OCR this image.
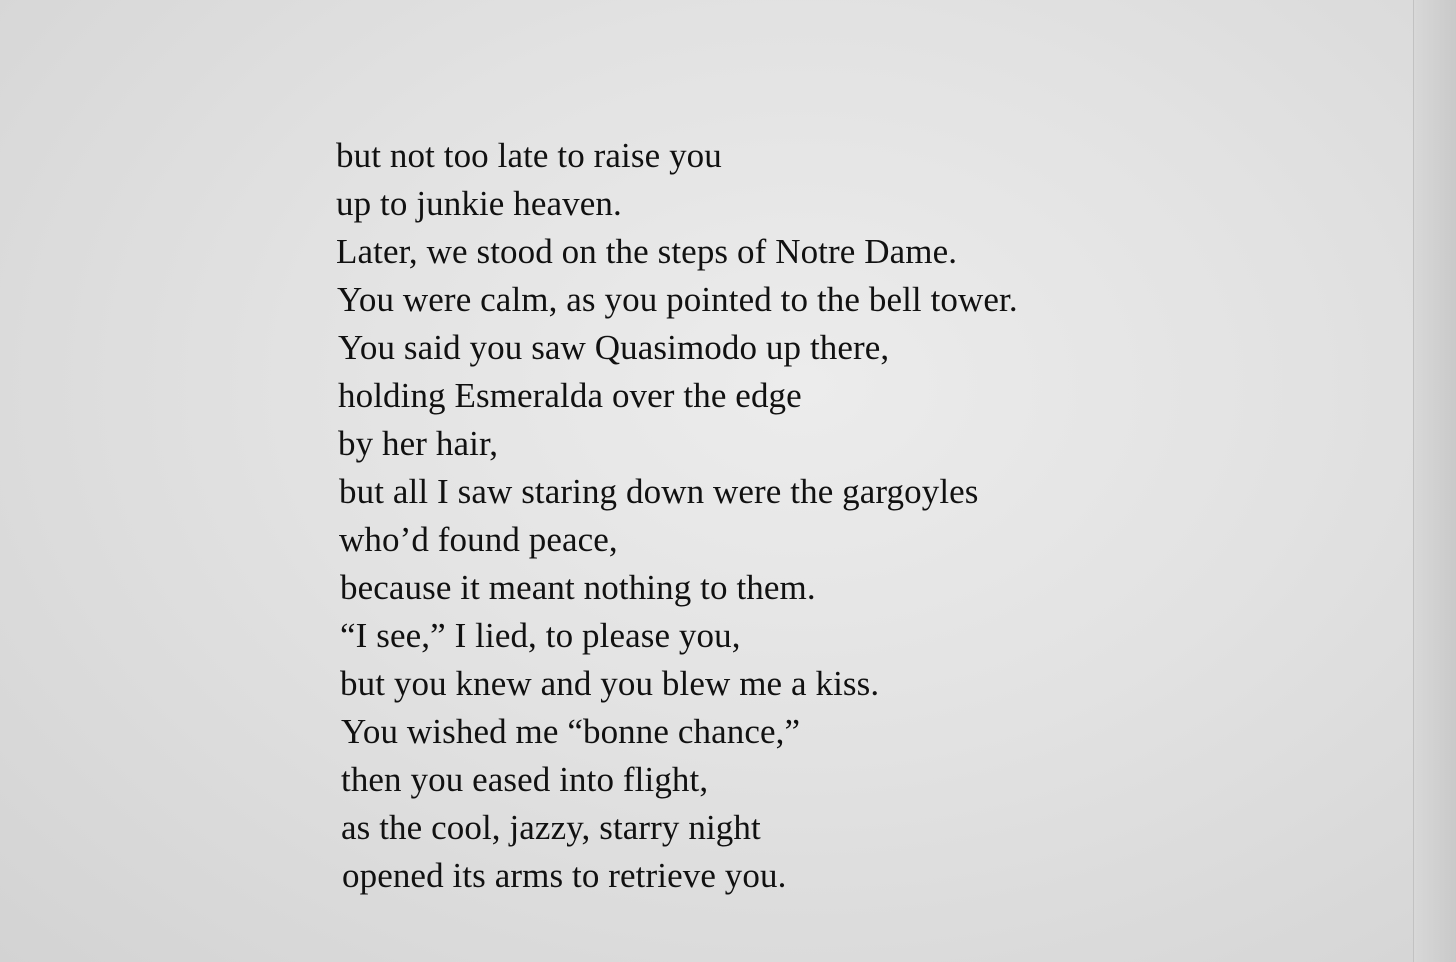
but not too late to raise you
up to junkie heaven.
Later, we stood on the steps of Notre Dame.
You were calm, as you pointed to the bell tower.
You said you saw Quasimodo up there,
holding Esmeralda over the edge
by her hair,
but all I saw staring down were the gargoyles
who’d found peace,
because it meant nothing to them.
“I see,” I lied, to please you,
but you knew and you blew me a kiss.
You wished me “bonne chance,”
then you eased into flight,
as the cool, jazzy, starry night
opened its arms to retrieve you.
